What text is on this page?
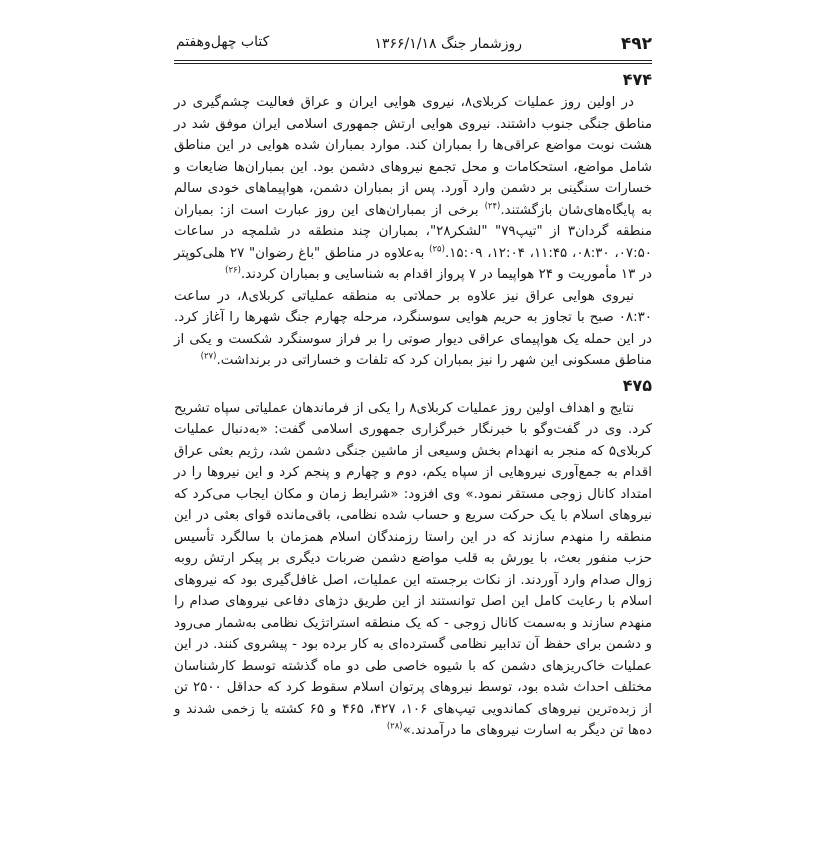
۴۹۲
روزشمار جنگ ۱۳۶۶/۱/۱۸
کتاب چهل‌وهفتم
۴۷۴

در اولین روز عملیات کربلای۸، نیروی هوایی ایران و عراق فعالیت چشم‌گیری در مناطق جنگی جنوب داشتند. نیروی هوایی ارتش جمهوری اسلامی ایران موفق شد در هشت نوبت مواضع عراقی‌ها را بمباران کند. موارد بمباران شده هوایی در این مناطق شامل مواضع، استحکامات و محل تجمع نیروهای دشمن بود. این بمباران‌ها ضایعات و خسارات سنگینی بر دشمن وارد آورد. پس از بمباران دشمن، هواپیماهای خودی سالم به پایگاه‌های‌شان بازگشتند.$^{(۲۴)}$ برخی از بمباران‌های این روز عبارت است از: بمباران منطقه گردان۳ از "تیپ۷۹" "لشکر۲۸"، بمباران چند منطقه در شلمچه در ساعات ۰۷:۵۰، ۰۸:۳۰، ۱۱:۴۵، ۱۲:۰۴، ۱۵:۰۹.$^{(۲۵)}$ به‌علاوه در مناطق "باغ رضوان" ۲۷ هلی‌کوپتر در ۱۳ مأموریت و ۲۴ هواپیما در ۷ پرواز اقدام به شناسایی و بمباران کردند.$^{(۲۶)}$

نیروی هوایی عراق نیز علاوه بر حملاتی به منطقه عملیاتی کربلای۸، در ساعت ۰۸:۳۰ صبح با تجاوز به حریم هوایی سوسنگرد، مرحله چهارم جنگ شهرها را آغاز کرد. در این حمله یک هواپیمای عراقی دیوار صوتی را بر فراز سوسنگرد شکست و یکی از مناطق مسکونی این شهر را نیز بمباران کرد که تلفات و خساراتی در برنداشت.$^{(۲۷)}$

۴۷۵

نتایج و اهداف اولین روز عملیات کربلای۸ را یکی از فرماندهان عملیاتی سپاه تشریح کرد. وی در گفت‌وگو با خبرنگار خبرگزاری جمهوری اسلامی گفت: «به‌دنبال عملیات کربلای۵ که منجر به انهدام بخش وسیعی از ماشین جنگی دشمن شد، رژیم بعثی عراق اقدام به جمع‌آوری نیروهایی از سپاه یکم، دوم و چهارم و پنجم کرد و این نیروها را در امتداد کانال زوجی مستقر نمود.» وی افزود: «شرایط زمان و مکان ایجاب می‌کرد که نیروهای اسلام با یک حرکت سریع و حساب شده نظامی، باقی‌مانده قوای بعثی در این منطقه را منهدم سازند که در این راستا رزمندگان اسلام همزمان با سالگرد تأسیس حزب منفور بعث، با یورش به قلب مواضع دشمن ضربات دیگری بر پیکر ارتش روبه زوال صدام وارد آوردند. از نکات برجسته این عملیات، اصل غافل‌گیری بود که نیروهای اسلام با رعایت کامل این اصل توانستند از این طریق دژهای دفاعی نیروهای صدام را منهدم سازند و به‌سمت کانال زوجی - که یک منطقه استراتژیک نظامی به‌شمار می‌رود و دشمن برای حفظ آن تدابیر نظامی گسترده‌ای به کار برده بود - پیشروی کنند. در این عملیات خاک‌ریزهای دشمن که با شیوه خاصی طی دو ماه گذشته توسط کارشناسان مختلف احداث شده بود، توسط نیروهای پرتوان اسلام سقوط کرد که حداقل ۲۵۰۰ تن از زبده‌ترین نیروهای کماندویی تیپ‌های ۱۰۶، ۴۲۷، ۴۶۵ و ۶۵ کشته یا زخمی شدند و ده‌ها تن دیگر به اسارت نیروهای ما درآمدند.»$^{(۲۸)}$
